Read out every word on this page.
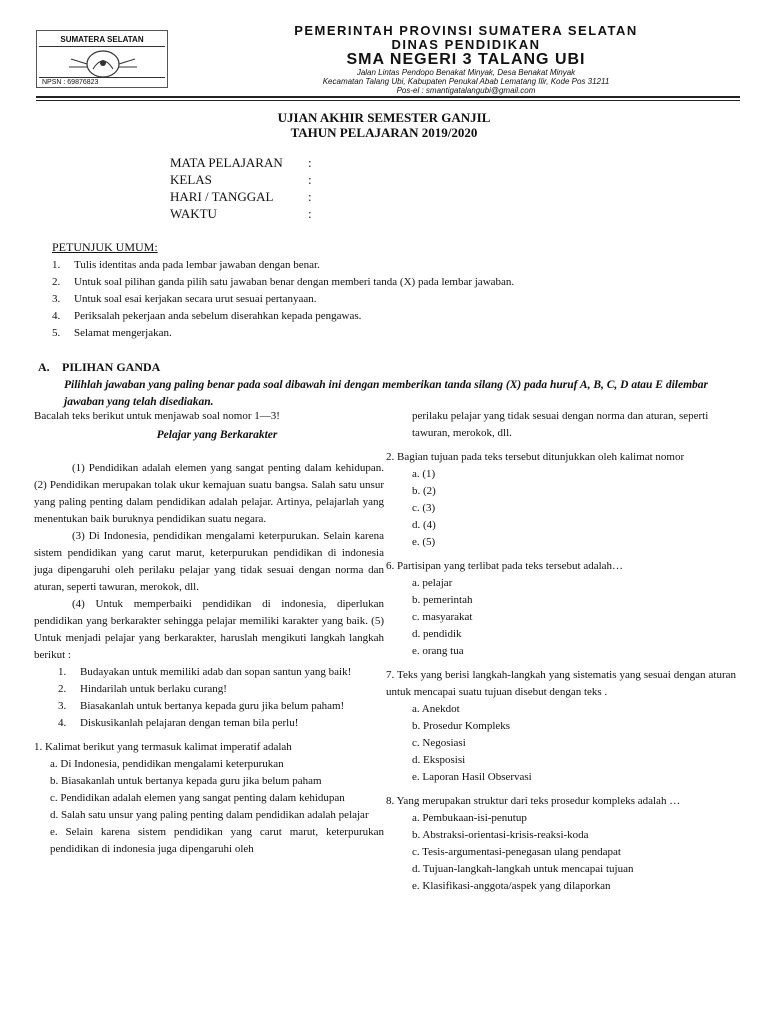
SUMATERA SELATAN
NPSN : 69876823
PEMERINTAH PROVINSI SUMATERA SELATAN
DINAS PENDIDIKAN
SMA NEGERI 3 TALANG UBI
Jalan Lintas Pendopo Benakat Minyak, Desa Benakat Minyak
Kecamatan Talang Ubi, Kabupaten Penukal Abab Lematang Ilir, Kode Pos 31211
Pos-el : smantigatalangubi@gmail.com
UJIAN AKHIR SEMESTER GANJIL
TAHUN PELAJARAN 2019/2020
MATA PELAJARAN :
KELAS	:
HARI / TANGGAL	:
WAKTU	:
PETUNJUK UMUM:
1. Tulis identitas anda pada lembar jawaban dengan benar.
2. Untuk soal pilihan ganda pilih satu jawaban benar dengan memberi tanda (X) pada lembar jawaban.
3. Untuk soal esai kerjakan secara urut sesuai pertanyaan.
4. Periksalah pekerjaan anda sebelum diserahkan kepada pengawas.
5. Selamat mengerjakan.
A. PILIHAN GANDA
Pilihlah jawaban yang paling benar pada soal dibawah ini dengan memberikan tanda silang (X) pada huruf A, B, C, D atau E dilembar jawaban yang telah disediakan.
Bacalah teks berikut untuk menjawab soal nomor 1—3!
Pelajar yang Berkarakter
(1) Pendidikan adalah elemen yang sangat penting dalam kehidupan. (2) Pendidikan merupakan tolak ukur kemajuan suatu bangsa. Salah satu unsur yang paling penting dalam pendidikan adalah pelajar. Artinya, pelajarlah yang menentukan baik buruknya pendidikan suatu negara.
(3) Di Indonesia, pendidikan mengalami keterpurukan. Selain karena sistem pendidikan yang carut marut, keterpurukan pendidikan di indonesia juga dipengaruhi oleh perilaku pelajar yang tidak sesuai dengan norma dan aturan, seperti tawuran, merokok, dll.
(4) Untuk memperbaiki pendidikan di indonesia, diperlukan pendidikan yang berkarakter sehingga pelajar memiliki karakter yang baik. (5) Untuk menjadi pelajar yang berkarakter, haruslah mengikuti langkah langkah berikut :
1. Budayakan untuk memiliki adab dan sopan santun yang baik!
2. Hindarilah untuk berlaku curang!
3. Biasakanlah untuk bertanya kepada guru jika belum paham!
4. Diskusikanlah pelajaran dengan teman bila perlu!
1. Kalimat berikut yang termasuk kalimat imperatif adalah
a. Di Indonesia, pendidikan mengalami keterpurukan
b. Biasakanlah untuk bertanya kepada guru jika belum paham
c. Pendidikan adalah elemen yang sangat penting dalam kehidupan
d. Salah satu unsur yang paling penting dalam pendidikan adalah pelajar
e. Selain karena sistem pendidikan yang carut marut, keterpurukan pendidikan di indonesia juga dipengaruhi oleh
perilaku pelajar yang tidak sesuai dengan norma dan aturan, seperti tawuran, merokok, dll.
2. Bagian tujuan pada teks tersebut ditunjukkan oleh kalimat nomor
a. (1)
b. (2)
c. (3)
d. (4)
e. (5)
6. Partisipan yang terlibat pada teks tersebut adalah…
a. pelajar
b. pemerintah
c. masyarakat
d. pendidik
e. orang tua
7. Teks yang berisi langkah-langkah yang sistematis yang sesuai dengan aturan untuk mencapai suatu tujuan disebut dengan teks .
a. Anekdot
b. Prosedur Kompleks
c. Negosiasi
d. Eksposisi
e. Laporan Hasil Observasi
8. Yang merupakan struktur dari teks prosedur kompleks adalah …
a. Pembukaan-isi-penutup
b. Abstraksi-orientasi-krisis-reaksi-koda
c. Tesis-argumentasi-penegasan ulang pendapat
d. Tujuan-langkah-langkah untuk mencapai tujuan
e. Klasifikasi-anggota/aspek yang dilaporkan
